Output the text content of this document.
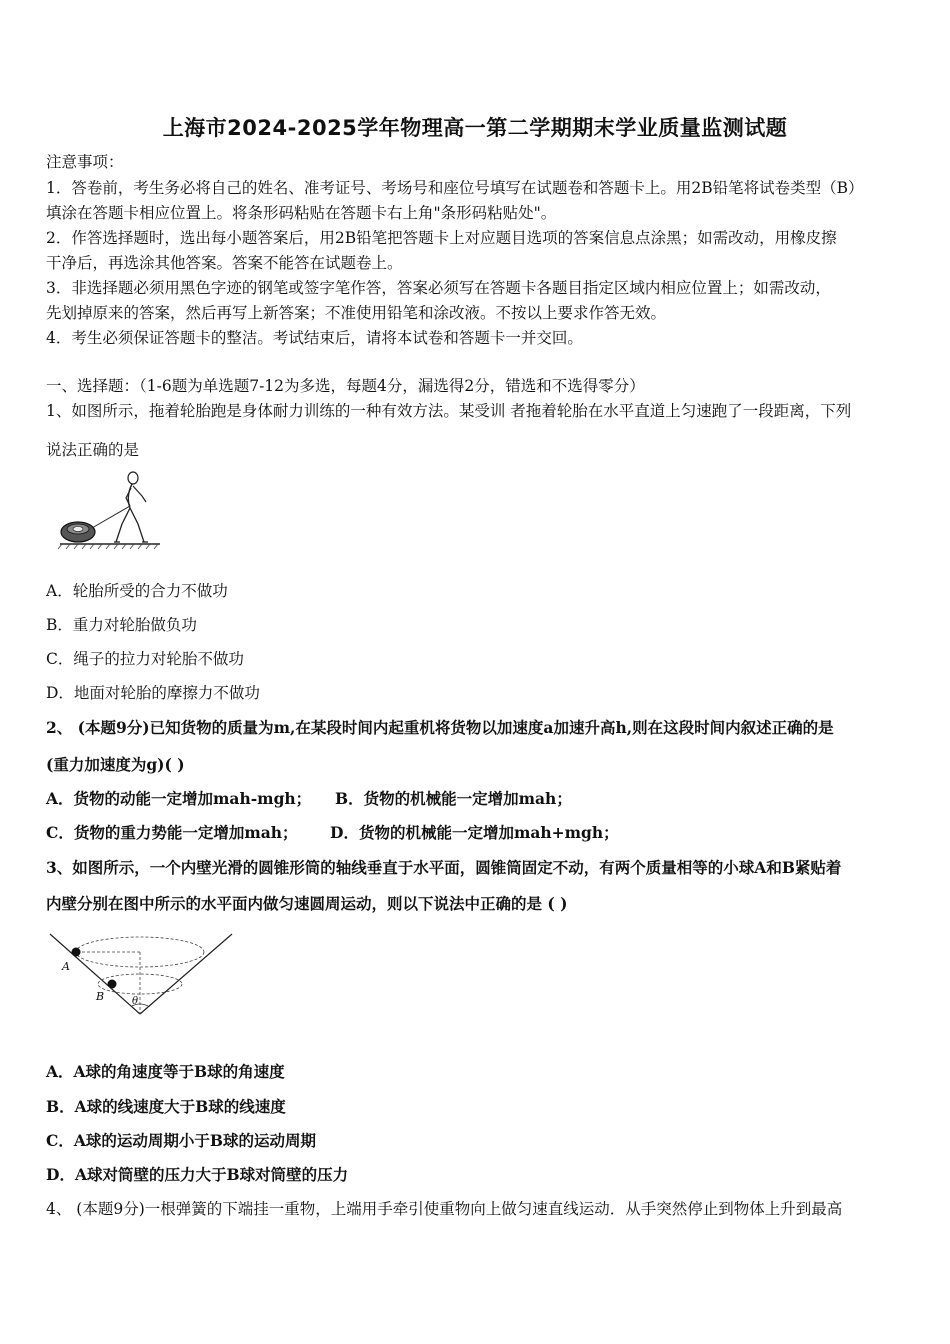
上海市2024-2025学年物理高一第二学期期末学业质量监测试题
注意事项：
1．答卷前，考生务必将自己的姓名、准考证号、考场号和座位号填写在试题卷和答题卡上。用2B铅笔将试卷类型（B）
填涂在答题卡相应位置上。将条形码粘贴在答题卡右上角"条形码粘贴处"。
2．作答选择题时，选出每小题答案后，用2B铅笔把答题卡上对应题目选项的答案信息点涂黑；如需改动，用橡皮擦
干净后，再选涂其他答案。答案不能答在试题卷上。
3．非选择题必须用黑色字迹的钢笔或签字笔作答，答案必须写在答题卡各题目指定区域内相应位置上；如需改动，
先划掉原来的答案，然后再写上新答案；不准使用铅笔和涂改液。不按以上要求作答无效。
4．考生必须保证答题卡的整洁。考试结束后，请将本试卷和答题卡一并交回。
一、选择题：（1-6题为单选题7-12为多选，每题4分，漏选得2分，错选和不选得零分）
1、如图所示，拖着轮胎跑是身体耐力训练的一种有效方法。某受训 者拖着轮胎在水平直道上匀速跑了一段距离，下列
说法正确的是
A．轮胎所受的合力不做功
B．重力对轮胎做负功
C．绳子的拉力对轮胎不做功
D．地面对轮胎的摩擦力不做功
2、 (本题9分)已知货物的质量为m,在某段时间内起重机将货物以加速度a加速升高h,则在这段时间内叙述正确的是
(重力加速度为g)( )
A．货物的动能一定增加mah-mgh；	B．货物的机械能一定增加mah；
C．货物的重力势能一定增加mah；	D．货物的机械能一定增加mah+mgh；
3、如图所示，一个内壁光滑的圆锥形筒的轴线垂直于水平面，圆锥筒固定不动，有两个质量相等的小球A和B紧贴着
内壁分别在图中所示的水平面内做匀速圆周运动，则以下说法中正确的是 ( )
A
B	θ
A．A球的角速度等于B球的角速度
B．A球的线速度大于B球的线速度
C．A球的运动周期小于B球的运动周期
D．A球对筒壁的压力大于B球对筒壁的压力
4、 (本题9分)一根弹簧的下端挂一重物，上端用手牵引使重物向上做匀速直线运动．从手突然停止到物体上升到最高
